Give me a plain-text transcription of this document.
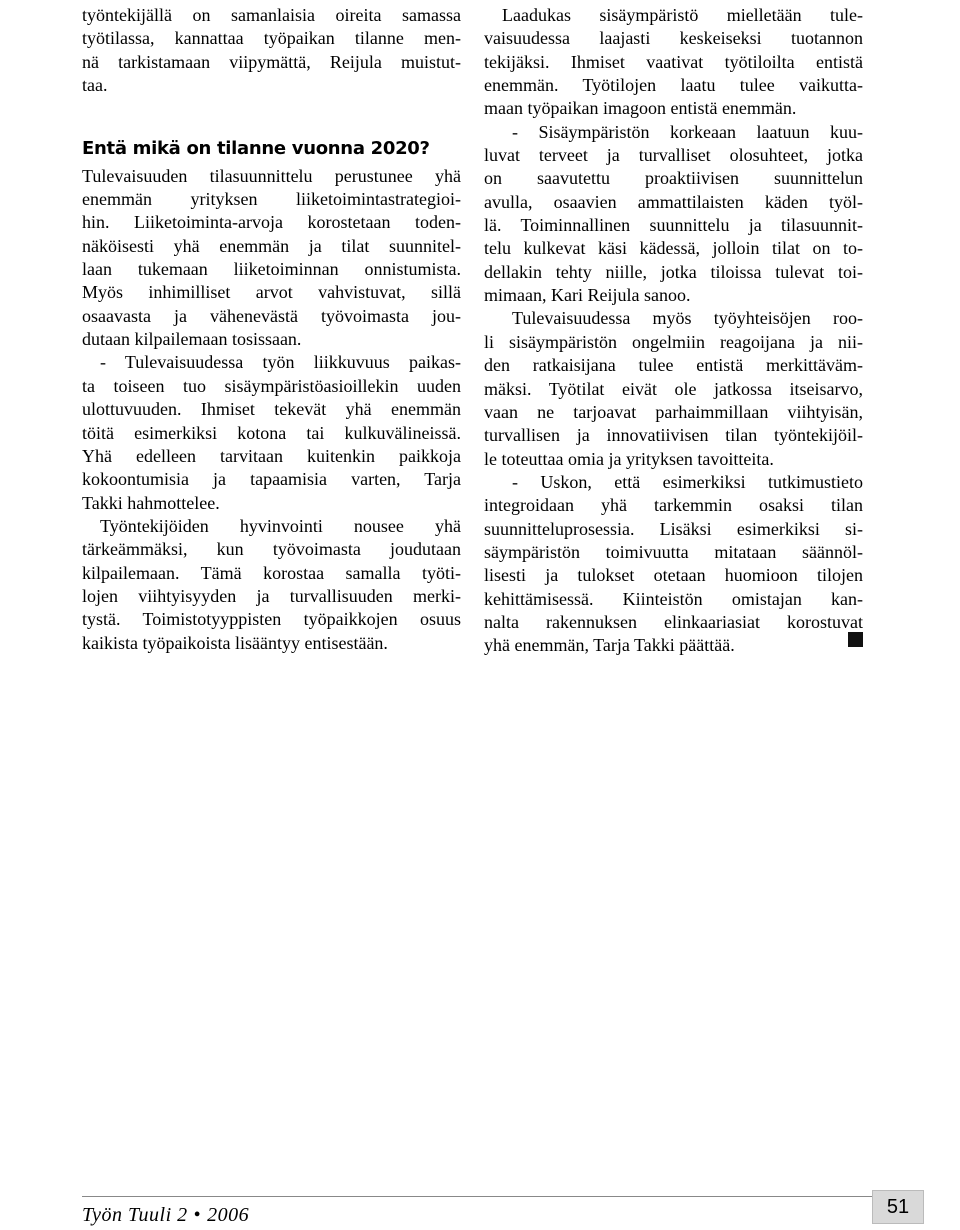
työntekijällä on samanlaisia oireita samassa
työtilassa, kannattaa työpaikan tilanne men-
nä tarkistamaan viipymättä, Reijula muistut-
taa.
Entä mikä on tilanne vuonna 2020?
Tulevaisuuden tilasuunnittelu perustunee yhä
enemmän yrityksen liiketoimintastrategioi-
hin. Liiketoiminta-arvoja korostetaan toden-
näköisesti yhä enemmän ja tilat suunnitel-
laan tukemaan liiketoiminnan onnistumista.
Myös inhimilliset arvot vahvistuvat, sillä
osaavasta ja vähenevästä työvoimasta jou-
dutaan kilpailemaan tosissaan.
- Tulevaisuudessa työn liikkuvuus paikas-
ta toiseen tuo sisäympäristöasioillekin uuden
ulottuvuuden. Ihmiset tekevät yhä enemmän
töitä esimerkiksi kotona tai kulkuvälineissä.
Yhä edelleen tarvitaan kuitenkin paikkoja
kokoontumisia ja tapaamisia varten, Tarja
Takki hahmottelee.
Työntekijöiden hyvinvointi nousee yhä
tärkeämmäksi, kun työvoimasta joudutaan
kilpailemaan. Tämä korostaa samalla työti-
lojen viihtyisyyden ja turvallisuuden merki-
tystä. Toimistotyyppisten työpaikkojen osuus
kaikista työpaikoista lisääntyy entisestään.
Laadukas sisäympäristö mielletään tule-
vaisuudessa laajasti keskeiseksi tuotannon
tekijäksi. Ihmiset vaativat työtiloilta entistä
enemmän. Työtilojen laatu tulee vaikutta-
maan työpaikan imagoon entistä enemmän.
- Sisäympäristön korkeaan laatuun kuu-
luvat terveet ja turvalliset olosuhteet, jotka
on saavutettu proaktiivisen suunnittelun
avulla, osaavien ammattilaisten käden työl-
lä. Toiminnallinen suunnittelu ja tilasuunnit-
telu kulkevat käsi kädessä, jolloin tilat on to-
dellakin tehty niille, jotka tiloissa tulevat toi-
mimaan, Kari Reijula sanoo.
Tulevaisuudessa myös työyhteisöjen roo-
li sisäympäristön ongelmiin reagoijana ja nii-
den ratkaisijana tulee entistä merkittäväm-
mäksi. Työtilat eivät ole jatkossa itseisarvo,
vaan ne tarjoavat parhaimmillaan viihtyisän,
turvallisen ja innovatiivisen tilan työntekijöil-
le toteuttaa omia ja yrityksen tavoitteita.
- Uskon, että esimerkiksi tutkimustieto
integroidaan yhä tarkemmin osaksi tilan
suunnitteluprosessia. Lisäksi esimerkiksi si-
säympäristön toimivuutta mitataan säännöl-
lisesti ja tulokset otetaan huomioon tilojen
kehittämisessä. Kiinteistön omistajan kan-
nalta rakennuksen elinkaariasiat korostuvat
yhä enemmän, Tarja Takki päättää.
Työn Tuuli 2 • 2006	51
